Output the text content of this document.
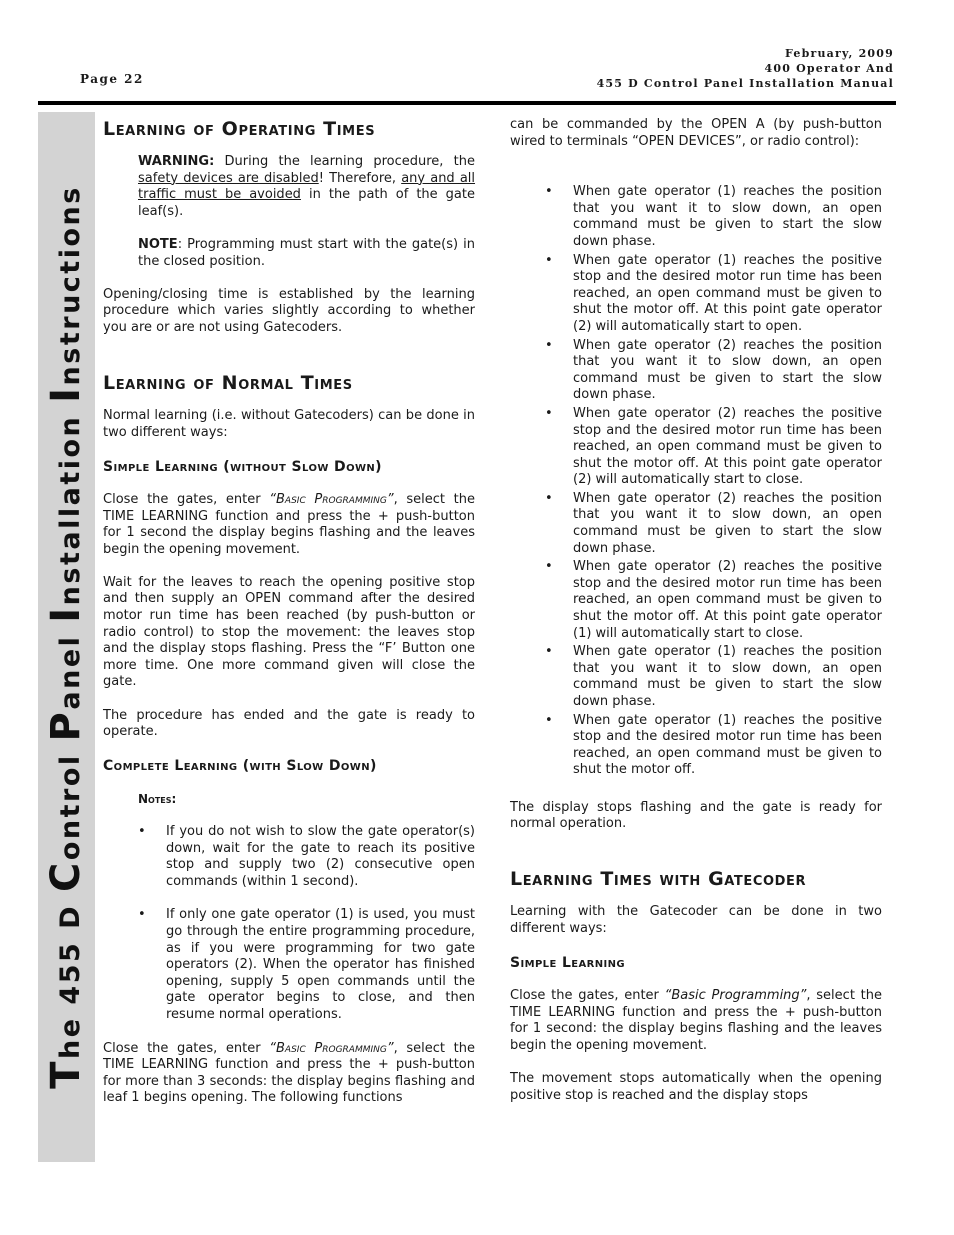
Page 22
February, 2009
400 Operator And
455 D Control Panel Installation Manual
The 455 D Control Panel Installation Instructions
Learning of Operating Times

WARNING: During the learning procedure, the safety devices are disabled! Therefore, any and all traffic must be avoided in the path of the gate leaf(s).

NOTE: Programming must start with the gate(s) in the closed position.

Opening/closing time is established by the learning procedure which varies slightly according to whether you are or are not using Gatecoders.

Learning of Normal Times

Normal learning (i.e. without Gatecoders) can be done in two different ways:

Simple Learning (without Slow Down)

Close the gates, enter “Basic Programming”, select the TIME LEARNING function and press the + push-button for 1 second the display begins flashing and the leaves begin the opening movement.

Wait for the leaves to reach the opening positive stop and then supply an OPEN command after the desired motor run time has been reached (by push-button or radio control) to stop the movement: the leaves stop and the display stops flashing. Press the “F’ Button one more time. One more command given will close the gate.

The procedure has ended and the gate is ready to operate.

Complete Learning (with Slow Down)
Notes:
• If you do not wish to slow the gate operator(s) down, wait for the gate to reach its positive stop and supply two (2) consecutive open commands (within 1 second).
• If only one gate operator (1) is used, you must go through the entire programming procedure, as if you were programming for two gate operators (2). When the operator has finished opening, supply 5 open commands until the gate operator begins to close, and then resume normal operations.

Close the gates, enter “Basic Programming”, select the TIME LEARNING function and press the + push-button for more than 3 seconds: the display begins flashing and leaf 1 begins opening. The following functions

can be commanded by the OPEN A (by push-button wired to terminals “OPEN DEVICES”, or radio control):

• When gate operator (1) reaches the position that you want it to slow down, an open command must be given to start the slow down phase.
• When gate operator (1) reaches the positive stop and the desired motor run time has been reached, an open command must be given to shut the motor off. At this point gate operator (2) will automatically start to open.
• When gate operator (2) reaches the position that you want it to slow down, an open command must be given to start the slow down phase.
• When gate operator (2) reaches the positive stop and the desired motor run time has been reached, an open command must be given to shut the motor off. At this point gate operator (2) will automatically start to close.
• When gate operator (2) reaches the position that you want it to slow down, an open command must be given to start the slow down phase.
• When gate operator (2) reaches the positive stop and the desired motor run time has been reached, an open command must be given to shut the motor off. At this point gate operator (1) will automatically start to close.
• When gate operator (1) reaches the position that you want it to slow down, an open command must be given to start the slow down phase.
• When gate operator (1) reaches the positive stop and the desired motor run time has been reached, an open command must be given to shut the motor off.

The display stops flashing and the gate is ready for normal operation.

Learning Times with Gatecoder

Learning with the Gatecoder can be done in two different ways:

Simple Learning

Close the gates, enter “Basic Programming”, select the TIME LEARNING function and press the + push-button for 1 second: the display begins flashing and the leaves begin the opening movement.

The movement stops automatically when the opening positive stop is reached and the display stops
